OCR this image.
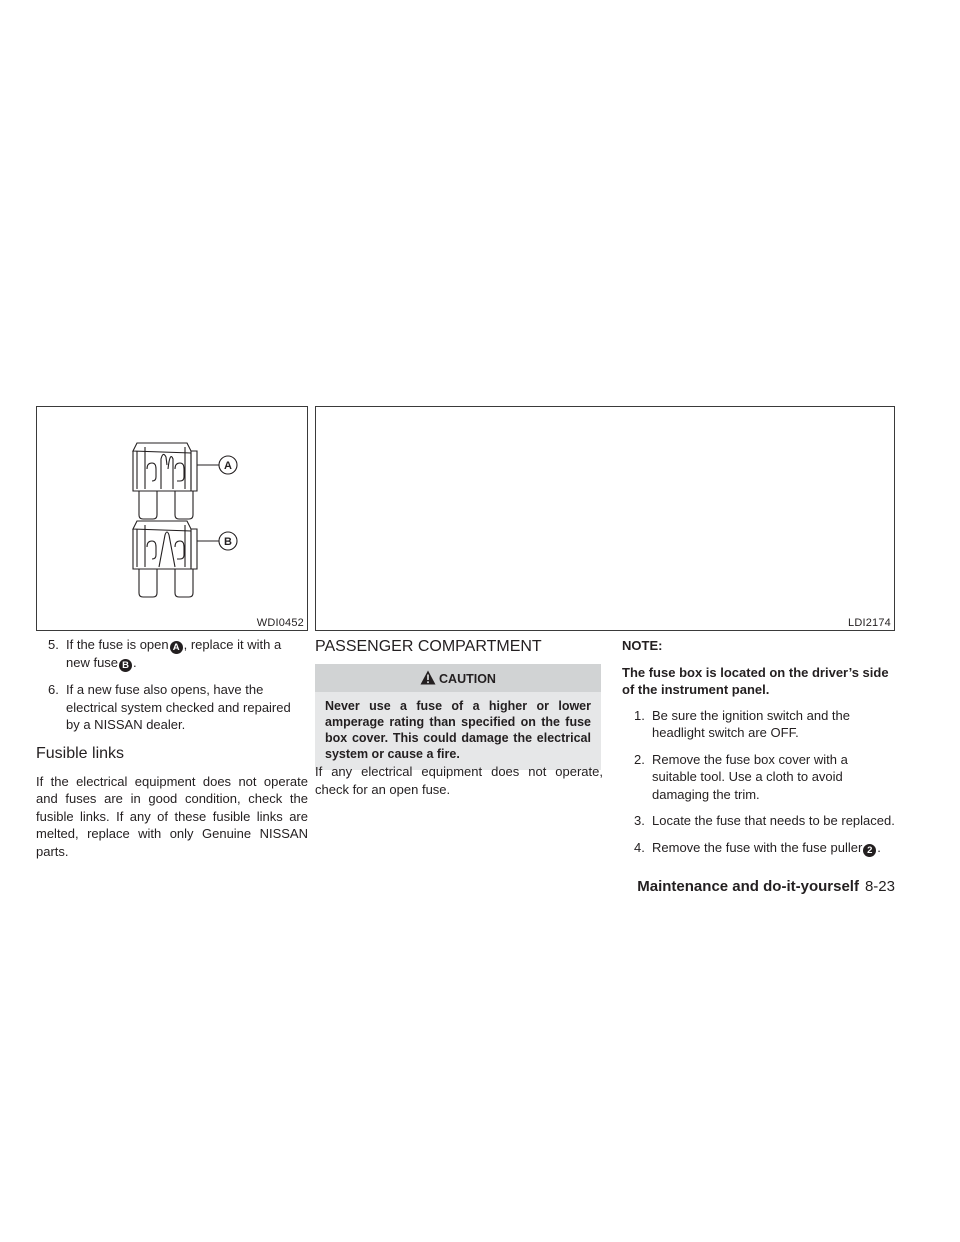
A
B
WDI0452	LDI2174
5. If the fuse is open A , replace it with a new fuse B .
6. If a new fuse also opens, have the electrical system checked and repaired by a NISSAN dealer.
Fusible links
If the electrical equipment does not operate and fuses are in good condition, check the fusible links. If any of these fusible links are melted, replace with only Genuine NISSAN parts.
PASSENGER COMPARTMENT
CAUTION
Never use a fuse of a higher or lower amperage rating than specified on the fuse box cover. This could damage the electrical system or cause a fire.
If any electrical equipment does not operate, check for an open fuse.
NOTE:
The fuse box is located on the driver’s side of the instrument panel.
1. Be sure the ignition switch and the headlight switch are OFF.
2. Remove the fuse box cover with a suitable tool. Use a cloth to avoid damaging the trim.
3. Locate the fuse that needs to be replaced.
4. Remove the fuse with the fuse puller 2 .
Maintenance and do-it-yourself 8-23
